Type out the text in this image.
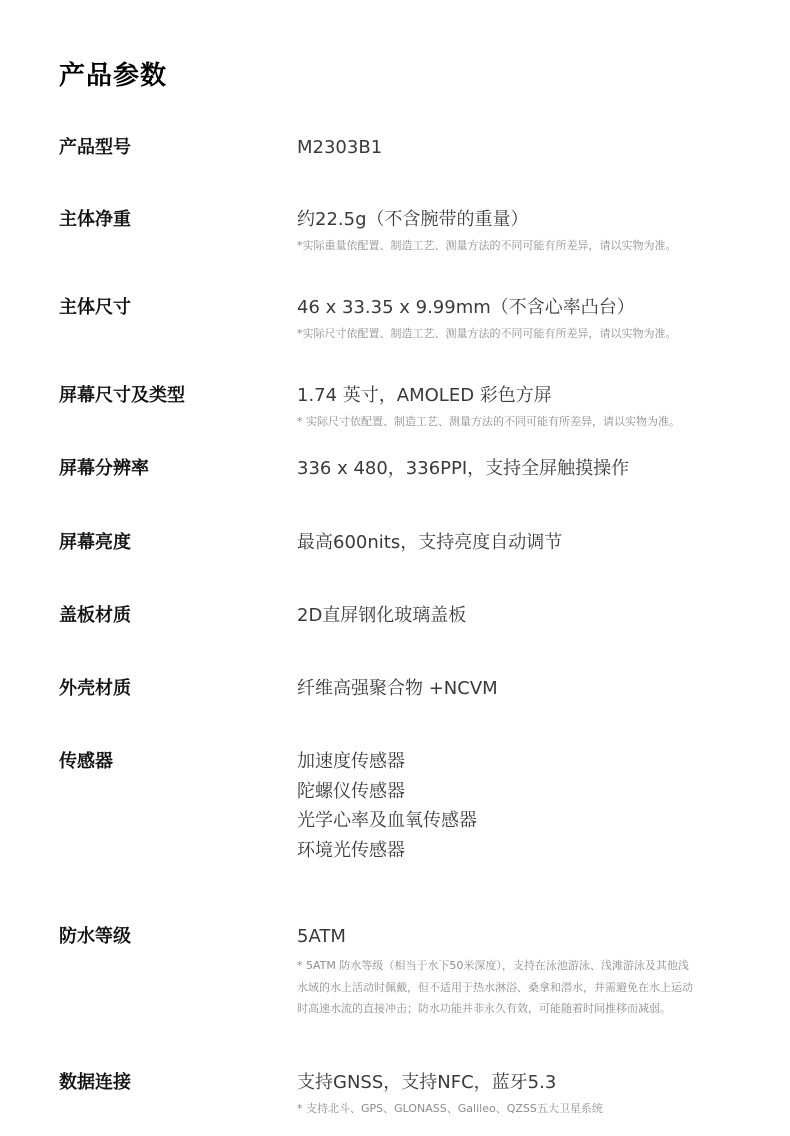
产品参数
产品型号	M2303B1
主体净重	约22.5g（不含腕带的重量）
*实际重量依配置、制造工艺、测量方法的不同可能有所差异，请以实物为准。
主体尺寸	46 x 33.35 x 9.99mm（不含心率凸台）
*实际尺寸依配置、制造工艺、测量方法的不同可能有所差异，请以实物为准。
屏幕尺寸及类型	1.74 英寸，AMOLED 彩色方屏
* 实际尺寸依配置、制造工艺、测量方法的不同可能有所差异，请以实物为准。
屏幕分辨率	336 x 480，336PPI，支持全屏触摸操作
屏幕亮度	最高600nits，支持亮度自动调节
盖板材质	2D直屏钢化玻璃盖板
外壳材质	纤维高强聚合物 +NCVM
传感器	加速度传感器
陀螺仪传感器
光学心率及血氧传感器
环境光传感器
防水等级	5ATM
* 5ATM 防水等级（相当于水下50米深度），支持在泳池游泳、浅滩游泳及其他浅水域的水上活动时佩戴，但不适用于热水淋浴、桑拿和潜水，并需避免在水上运动时高速水流的直接冲击；防水功能并非永久有效，可能随着时间推移而减弱。
数据连接	支持GNSS，支持NFC，蓝牙5.3
* 支持北斗、GPS、GLONASS、Galileo、QZSS五大卫星系统
